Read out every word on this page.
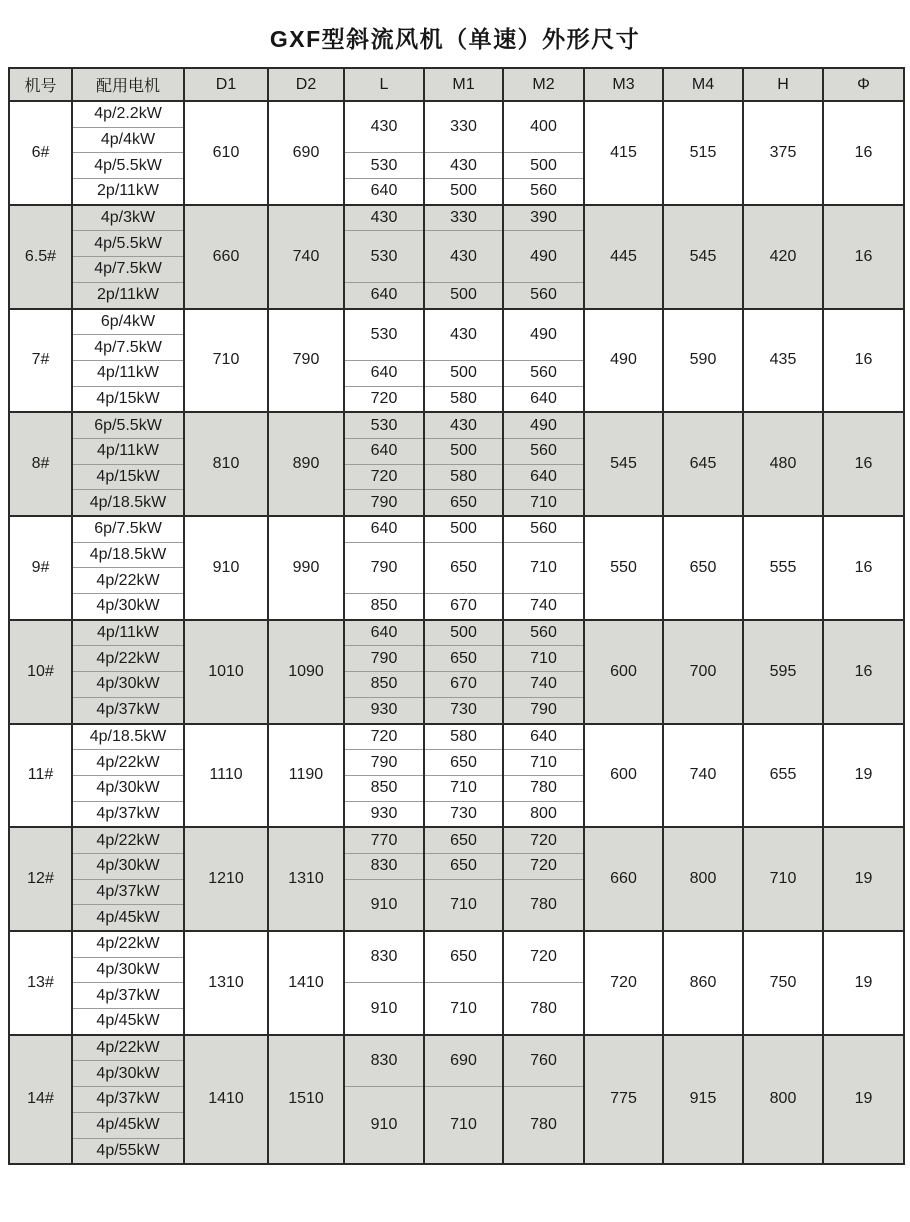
GXF型斜流风机（单速）外形尺寸
机号	配用电机	D1	D2	L	M1	M2	M3	M4	H	Φ
6#	4p/2.2kW	610	690	430	330	400	415	515	375	16
	4p/4kW									
	4p/5.5kW			530	430	500				
	2p/11kW			640	500	560				
6.5#	4p/3kW	660	740	430	330	390	445	545	420	16
	4p/5.5kW			530	430	490				
	4p/7.5kW									
	2p/11kW			640	500	560				
7#	6p/4kW	710	790	530	430	490	490	590	435	16
	4p/7.5kW									
	4p/11kW			640	500	560				
	4p/15kW			720	580	640				
8#	6p/5.5kW	810	890	530	430	490	545	645	480	16
	4p/11kW			640	500	560				
	4p/15kW			720	580	640				
	4p/18.5kW			790	650	710				
9#	6p/7.5kW	910	990	640	500	560	550	650	555	16
	4p/18.5kW			790	650	710				
	4p/22kW									
	4p/30kW			850	670	740				
10#	4p/11kW	1010	1090	640	500	560	600	700	595	16
	4p/22kW			790	650	710				
	4p/30kW			850	670	740				
	4p/37kW			930	730	790				
11#	4p/18.5kW	1110	1190	720	580	640	600	740	655	19
	4p/22kW			790	650	710				
	4p/30kW			850	710	780				
	4p/37kW			930	730	800				
12#	4p/22kW	1210	1310	770	650	720	660	800	710	19
	4p/30kW			830	650	720				
	4p/37kW			910	710	780				
	4p/45kW									
13#	4p/22kW	1310	1410	830	650	720	720	860	750	19
	4p/30kW									
	4p/37kW			910	710	780				
	4p/45kW									
14#	4p/22kW	1410	1510	830	690	760	775	915	800	19
	4p/30kW									
	4p/37kW			910	710	780				
	4p/45kW									
	4p/55kW									
